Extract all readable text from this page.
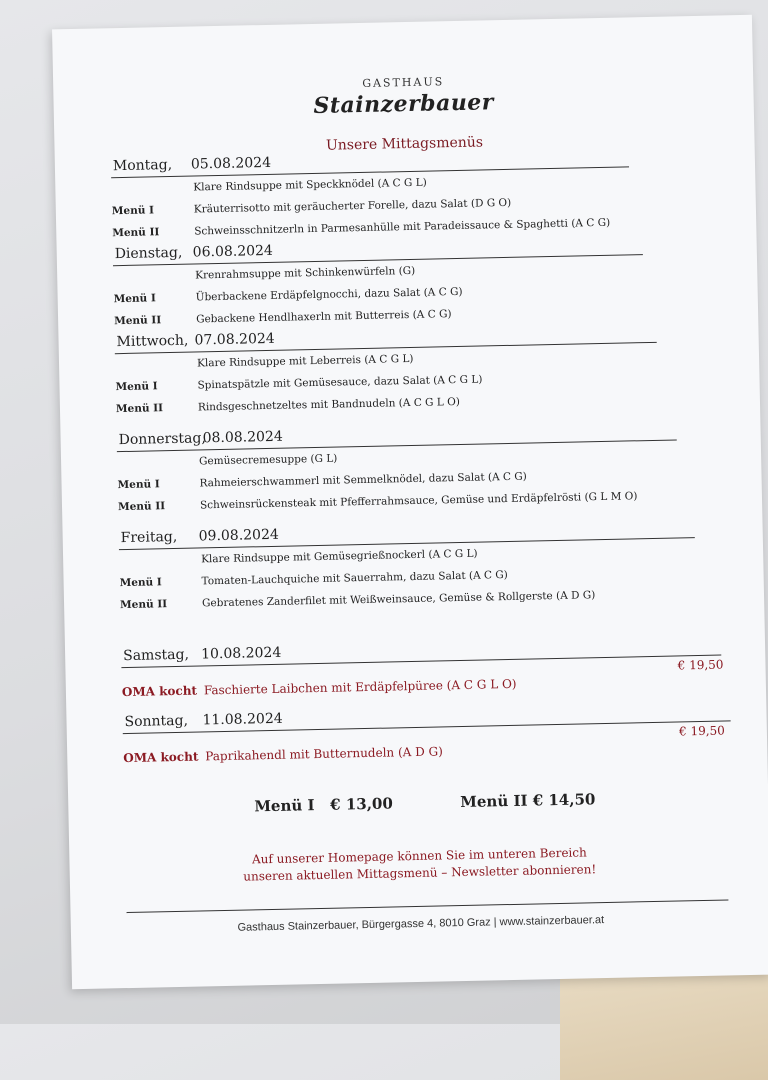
GASTHAUS
Stainzerbauer
Unsere Mittagsmenüs
Montag, 05.08.2024
Klare Rindsuppe mit Speckknödel (A C G L)
Menü I	Kräuterrisotto mit geräucherter Forelle, dazu Salat (D G O)
Menü II	Schweinsschnitzerln in Parmesanhülle mit Paradeissauce & Spaghetti (A C G)
Dienstag, 06.08.2024
Krenrahmsuppe mit Schinkenwürfeln (G)
Menü I	Überbackene Erdäpfelgnocchi, dazu Salat (A C G)
Menü II	Gebackene Hendlhaxerln mit Butterreis (A C G)
Mittwoch, 07.08.2024
Klare Rindsuppe mit Leberreis (A C G L)
Menü I	Spinatspätzle mit Gemüsesauce, dazu Salat (A C G L)
Menü II	Rindsgeschnetzeltes mit Bandnudeln (A C G L O)
Donnerstag,
08.08.2024
Gemüsecremesuppe (G L)
Menü I	Rahmeierschwammerl mit Semmelknödel, dazu Salat (A C G)
Menü II	Schweinsrückensteak mit Pfefferrahmsauce, Gemüse und Erdäpfelrösti (G L M O)
Freitag, 09.08.2024
Klare Rindsuppe mit Gemüsegrießnockerl (A C G L)
Menü I	Tomaten-Lauchquiche mit Sauerrahm, dazu Salat (A C G)
Menü II	Gebratenes Zanderfilet mit Weißweinsauce, Gemüse & Rollgerste (A D G)
Samstag, 10.08.2024
OMA kocht Faschierte Laibchen mit Erdäpfelpüree (A C G L O)
€ 19,50
Sonntag, 11.08.2024
OMA kocht Paprikahendl mit Butternudeln (A D G)
€ 19,50
Menü I   € 13,00	Menü II € 14,50
Auf unserer Homepage können Sie im unteren Bereich
unseren aktuellen Mittagsmenü – Newsletter abonnieren!
Gasthaus Stainzerbauer, Bürgergasse 4, 8010 Graz | www.stainzerbauer.at
